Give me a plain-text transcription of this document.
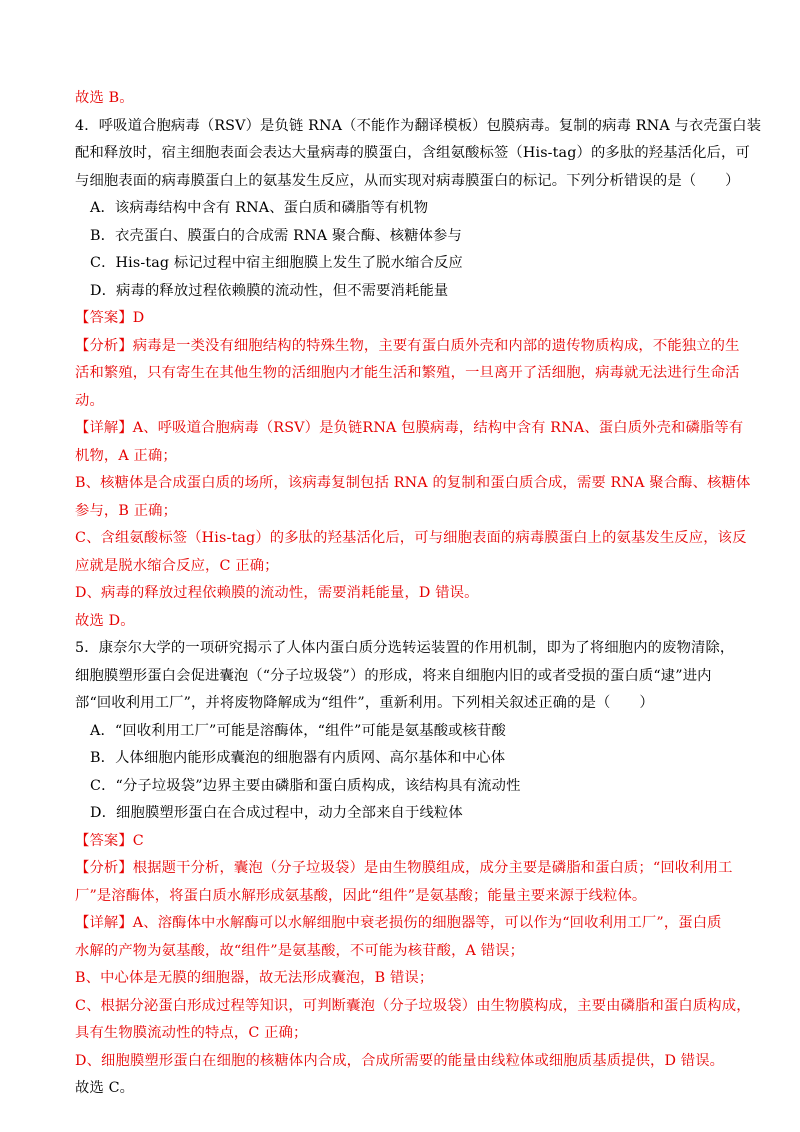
故选 B。
4．呼吸道合胞病毒（RSV）是负链 RNA（不能作为翻译模板）包膜病毒。复制的病毒 RNA 与衣壳蛋白装
配和释放时，宿主细胞表面会表达大量病毒的膜蛋白，含组氨酸标签（His-tag）的多肽的羟基活化后，可
与细胞表面的病毒膜蛋白上的氨基发生反应，从而实现对病毒膜蛋白的标记。下列分析错误的是（　　）
A．该病毒结构中含有 RNA、蛋白质和磷脂等有机物
B．衣壳蛋白、膜蛋白的合成需 RNA 聚合酶、核糖体参与
C．His-tag 标记过程中宿主细胞膜上发生了脱水缩合反应
D．病毒的释放过程依赖膜的流动性，但不需要消耗能量
【答案】D
【分析】病毒是一类没有细胞结构的特殊生物，主要有蛋白质外壳和内部的遗传物质构成，不能独立的生
活和繁殖，只有寄生在其他生物的活细胞内才能生活和繁殖，一旦离开了活细胞，病毒就无法进行生命活
动。
【详解】A、呼吸道合胞病毒（RSV）是负链RNA 包膜病毒，结构中含有 RNA、蛋白质外壳和磷脂等有
机物，A 正确；
B、核糖体是合成蛋白质的场所，该病毒复制包括 RNA 的复制和蛋白质合成，需要 RNA 聚合酶、核糖体
参与，B 正确；
C、含组氨酸标签（His-tag）的多肽的羟基活化后，可与细胞表面的病毒膜蛋白上的氨基发生反应，该反
应就是脱水缩合反应，C 正确；
D、病毒的释放过程依赖膜的流动性，需要消耗能量，D 错误。
故选 D。
5．康奈尔大学的一项研究揭示了人体内蛋白质分选转运装置的作用机制，即为了将细胞内的废物清除，
细胞膜塑形蛋白会促进囊泡（“分子垃圾袋”）的形成，将来自细胞内旧的或者受损的蛋白质“逮”进内
部“回收利用工厂”，并将废物降解成为“组件”，重新利用。下列相关叙述正确的是（　　）
A．“回收利用工厂”可能是溶酶体，“组件”可能是氨基酸或核苷酸
B．人体细胞内能形成囊泡的细胞器有内质网、高尔基体和中心体
C．“分子垃圾袋”边界主要由磷脂和蛋白质构成，该结构具有流动性
D．细胞膜塑形蛋白在合成过程中，动力全部来自于线粒体
【答案】C
【分析】根据题干分析，囊泡（分子垃圾袋）是由生物膜组成，成分主要是磷脂和蛋白质；“回收利用工
厂”是溶酶体，将蛋白质水解形成氨基酸，因此“组件”是氨基酸；能量主要来源于线粒体。
【详解】A、溶酶体中水解酶可以水解细胞中衰老损伤的细胞器等，可以作为“回收利用工厂”，蛋白质
水解的产物为氨基酸，故“组件”是氨基酸，不可能为核苷酸，A 错误；
B、中心体是无膜的细胞器，故无法形成囊泡，B 错误；
C、根据分泌蛋白形成过程等知识，可判断囊泡（分子垃圾袋）由生物膜构成，主要由磷脂和蛋白质构成，
具有生物膜流动性的特点，C 正确；
D、细胞膜塑形蛋白在细胞的核糖体内合成，合成所需要的能量由线粒体或细胞质基质提供，D 错误。
故选 C。
